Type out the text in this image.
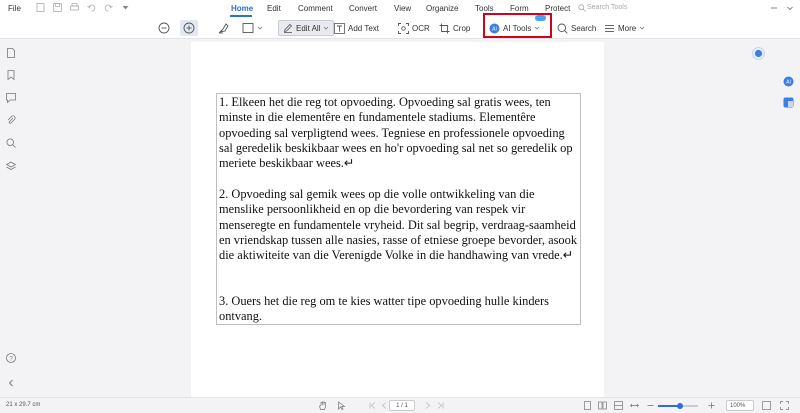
File	Home Edit Comment Convert View Organize Tools Form Protect Search Tools
Edit All	Add Text	OCR	Crop	AI AI Tools	Search	More
?
AI
1. Elkeen het die reg tot opvoeding. Opvoeding sal gratis wees, ten minste in die elementêre en fundamentele stadiums. Elementêre opvoeding sal verpligtend wees. Tegniese en professionele opvoeding sal geredelik beskikbaar wees en ho'r opvoeding sal net so geredelik op meriete beskikbaar wees.↵
2. Opvoeding sal gemik wees op die volle ontwikkeling van die menslike persoonlikheid en op die bevordering van respek vir menseregte en fundamentele vryheid. Dit sal begrip, verdraag-saamheid en vriendskap tussen alle nasies, rasse of etniese groepe bevorder, asook die aktiwiteite van die Verenigde Volke in die handhawing van vrede.↵
3. Ouers het die reg om te kies watter tipe opvoeding hulle kinders ontvang.
21 x 29.7 cm	1 / 1	100%
